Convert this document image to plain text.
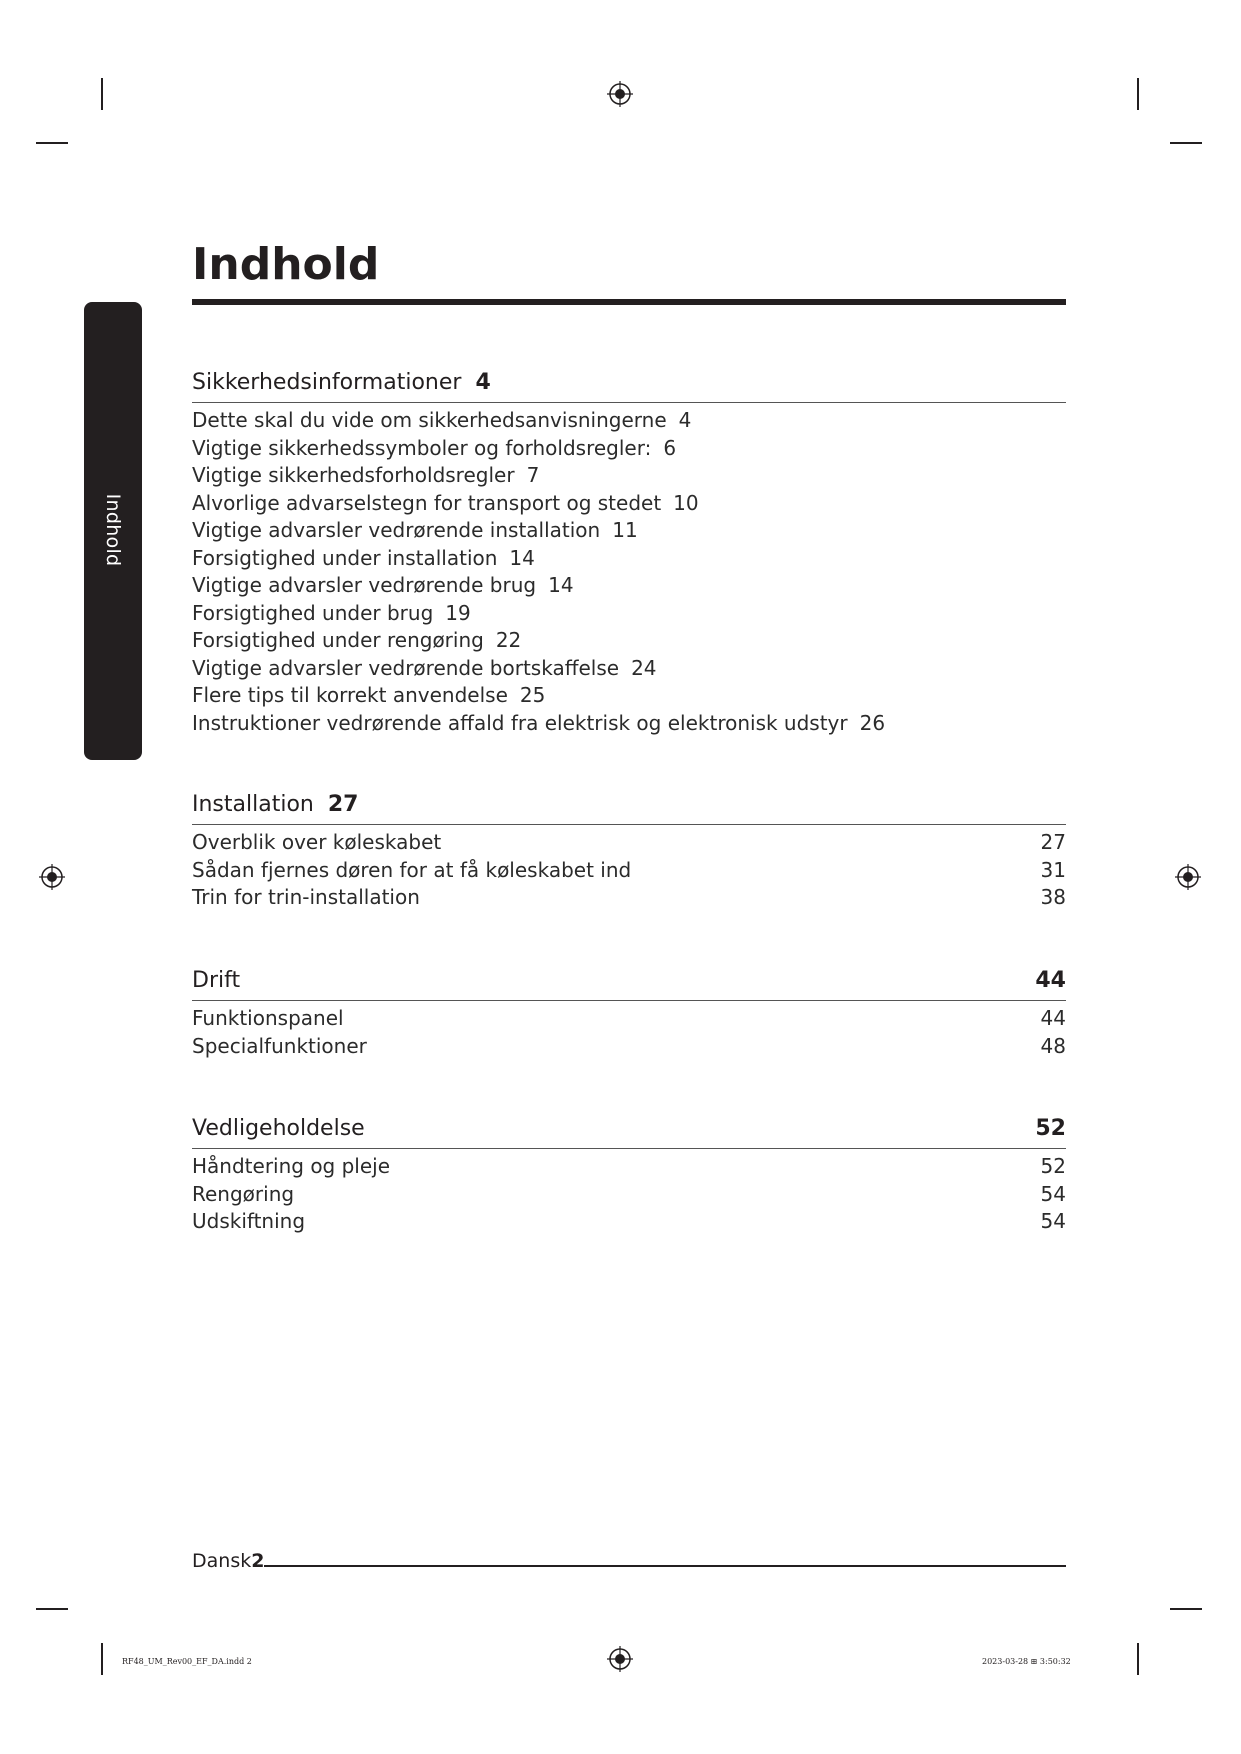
Indhold
Indhold
Sikkerhedsinformationer 4
Dette skal du vide om sikkerhedsanvisningerne 4
Vigtige sikkerhedssymboler og forholdsregler: 6
Vigtige sikkerhedsforholdsregler 7
Alvorlige advarselstegn for transport og stedet 10
Vigtige advarsler vedrørende installation 11
Forsigtighed under installation 14
Vigtige advarsler vedrørende brug 14
Forsigtighed under brug 19
Forsigtighed under rengøring 22
Vigtige advarsler vedrørende bortskaffelse 24
Flere tips til korrekt anvendelse 25
Instruktioner vedrørende affald fra elektrisk og elektronisk udstyr 26
Installation 27
Overblik over køleskabet	27
Sådan fjernes døren for at få køleskabet ind	31
Trin for trin-installation	38
Drift	44
Funktionspanel	44
Specialfunktioner	48
Vedligeholdelse	52
Håndtering og pleje	52
Rengøring	54
Udskiftning	54
Dansk2
RF48_UM_Rev00_EF_DA.indd 2	2023-03-28 ⊞ 3:50:32
